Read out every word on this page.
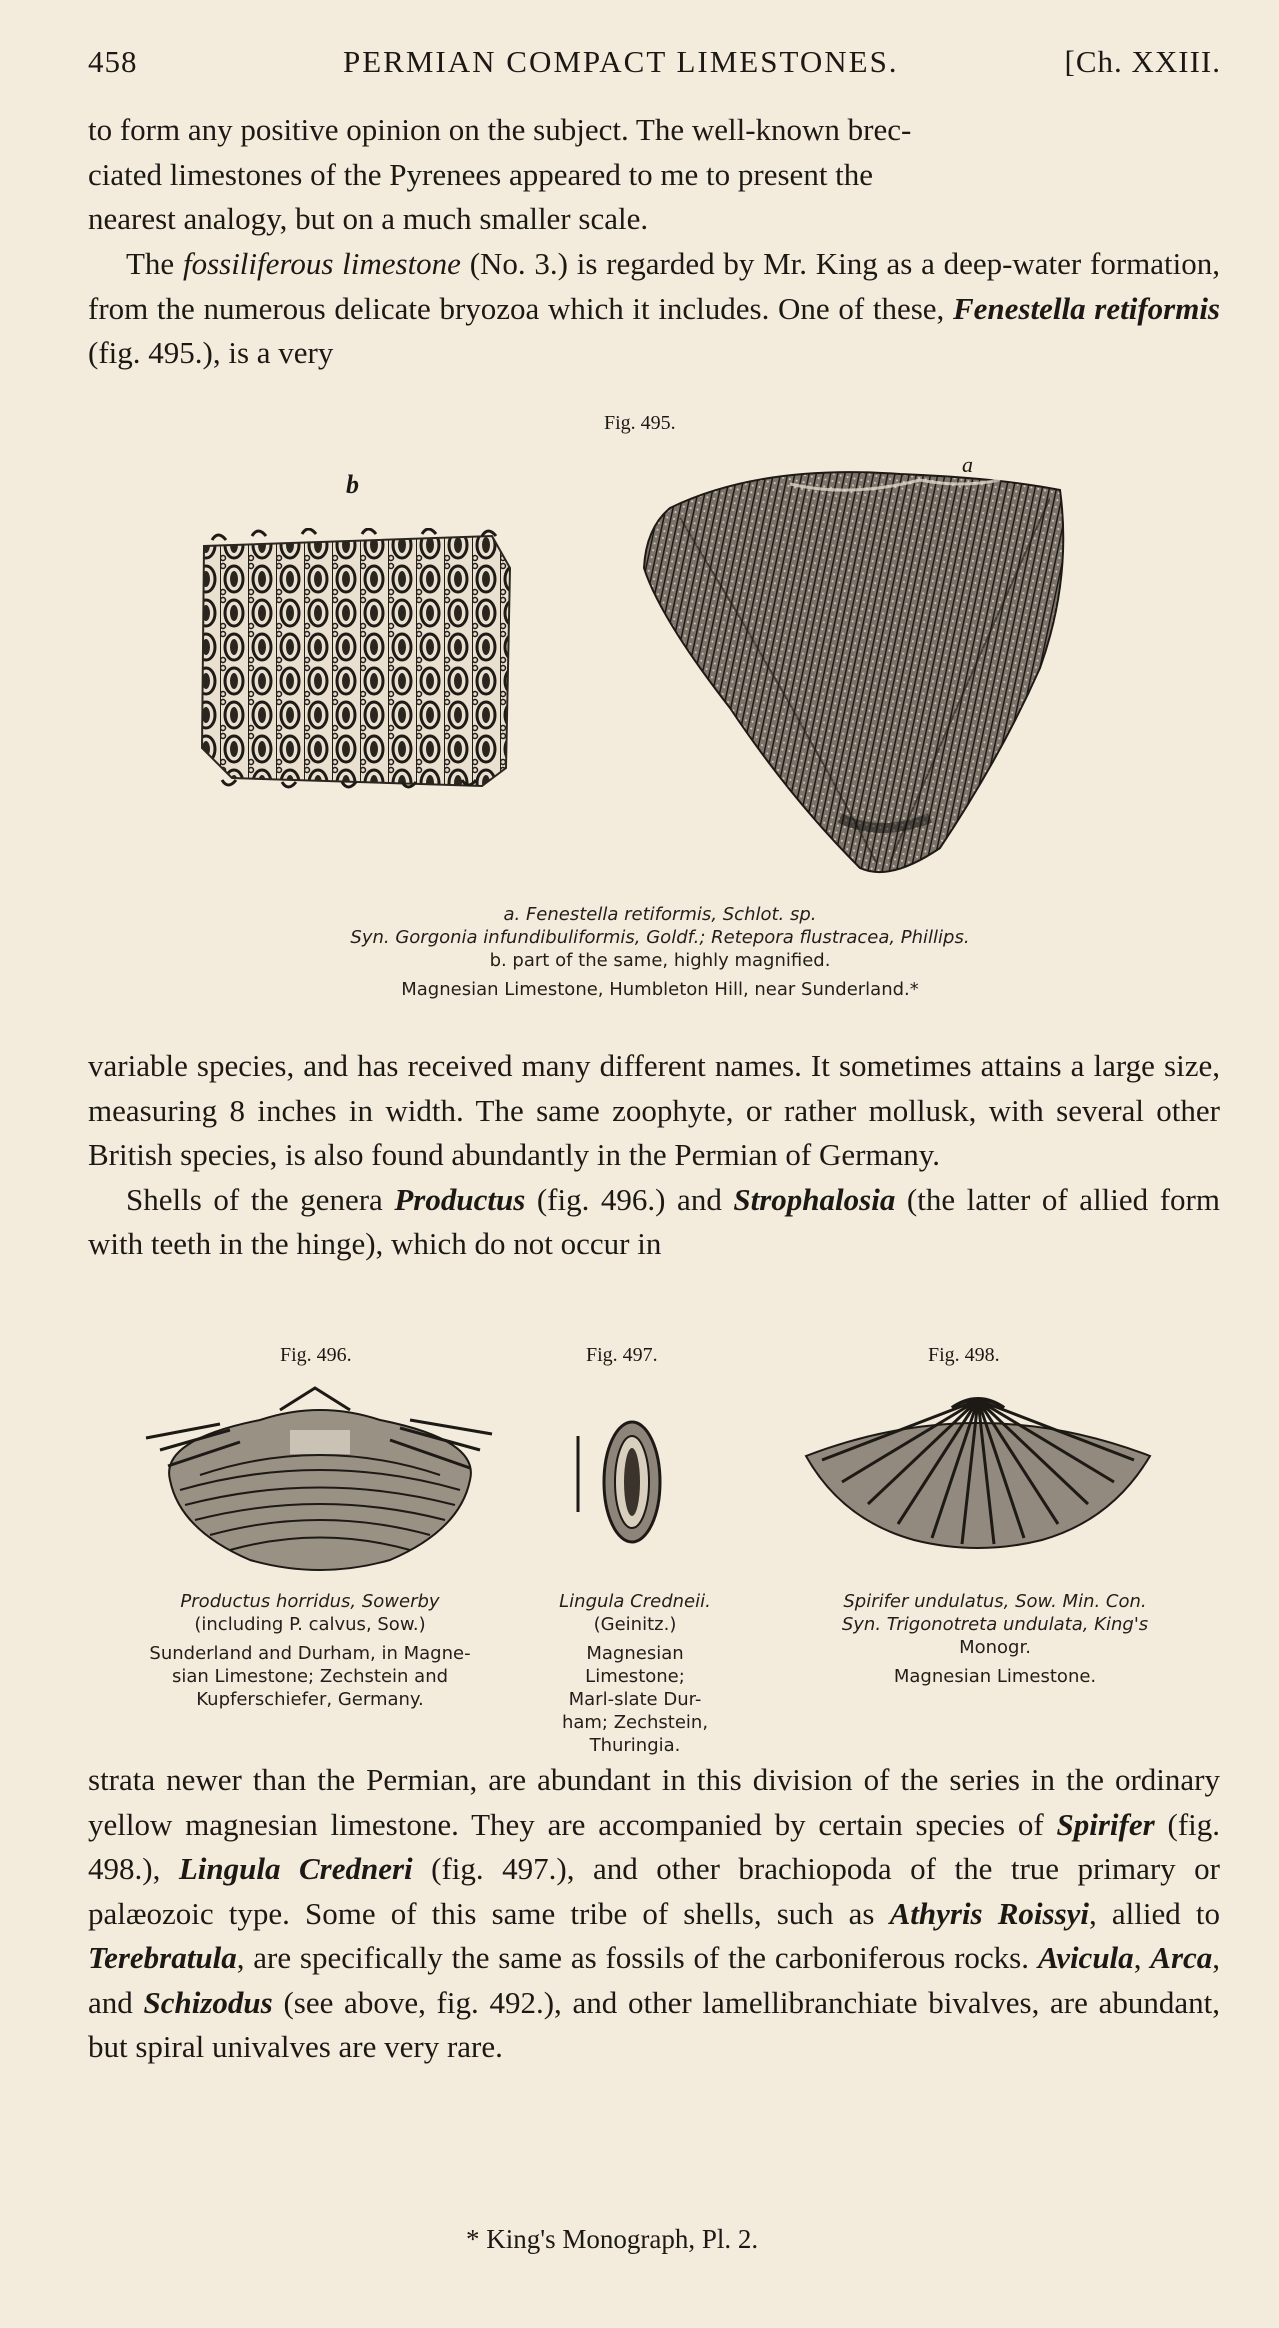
458	PERMIAN COMPACT LIMESTONES.	[Ch. XXIII.

to form any positive opinion on the subject. The well-known brec-

ciated limestones of the Pyrenees appeared to me to present the

nearest analogy, but on a much smaller scale.

The fossiliferous limestone (No. 3.) is regarded by Mr. King as a deep-water formation, from the numerous delicate bryozoa which it includes. One of these, Fenestella retiformis (fig. 495.), is a very

Fig. 495.
b
a
a. Fenestella retiformis, Schlot. sp.
Syn. Gorgonia infundibuliformis, Goldf.; Retepora flustracea, Phillips.
b. part of the same, highly magnified.
Magnesian Limestone, Humbleton Hill, near Sunderland.*

variable species, and has received many different names. It sometimes attains a large size, measuring 8 inches in width. The same zoophyte, or rather mollusk, with several other British species, is also found abundantly in the Permian of Germany.

Shells of the genera Productus (fig. 496.) and Strophalosia (the latter of allied form with teeth in the hinge), which do not occur in

Fig. 496.	Fig. 497.	Fig. 498.
Productus horridus, Sowerby
(including P. calvus, Sow.)
Sunderland and Durham, in Magne-
sian Limestone; Zechstein and
Kupferschiefer, Germany.
Lingula Credneii.
(Geinitz.)
Magnesian
Limestone;
Marl-slate Dur-
ham; Zechstein,
Thuringia.
Spirifer undulatus, Sow. Min. Con.
Syn. Trigonotreta undulata, King's
Monogr.
Magnesian Limestone.

strata newer than the Permian, are abundant in this division of the series in the ordinary yellow magnesian limestone. They are accompanied by certain species of Spirifer (fig. 498.), Lingula Credneri (fig. 497.), and other brachiopoda of the true primary or palæozoic type. Some of this same tribe of shells, such as Athyris Roissyi, allied to Terebratula, are specifically the same as fossils of the carboniferous rocks. Avicula, Arca, and Schizodus (see above, fig. 492.), and other lamellibranchiate bivalves, are abundant, but spiral univalves are very rare.

* King's Monograph, Pl. 2.
